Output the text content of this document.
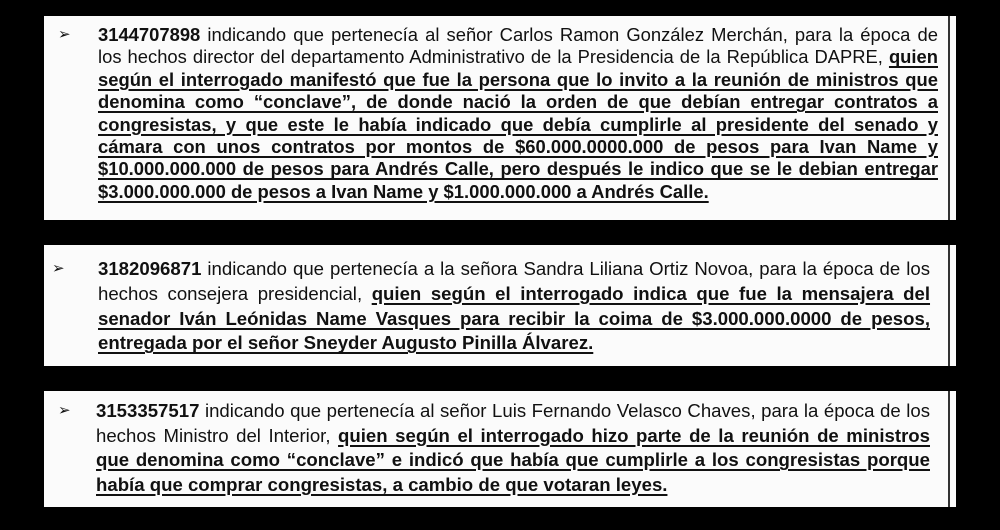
➢	3144707898 indicando que pertenecía al señor Carlos Ramon González Merchán, para la época de los hechos director del departamento Administrativo de la Presidencia de la República DAPRE, quien según el interrogado manifestó que fue la persona que lo invito a la reunión de ministros que denomina como “conclave”, de donde nació la orden de que debían entregar contratos a congresistas, y que este le había indicado que debía cumplirle al presidente del senado y cámara con unos contratos por montos de $60.000.0000.000 de pesos para Ivan Name y $10.000.000.000 de pesos para Andrés Calle, pero después le indico que se le debian entregar $3.000.000.000 de pesos a Ivan Name y $1.000.000.000 a Andrés Calle.
➢	3182096871 indicando que pertenecía a la señora Sandra Liliana Ortiz Novoa, para la época de los hechos consejera presidencial, quien según el interrogado indica que fue la mensajera del senador Iván Leónidas Name Vasques para recibir la coima de $3.000.000.0000 de pesos, entregada por el señor Sneyder Augusto Pinilla Álvarez.
➢	3153357517 indicando que pertenecía al señor Luis Fernando Velasco Chaves, para la época de los hechos Ministro del Interior, quien según el interrogado hizo parte de la reunión de ministros que denomina como “conclave” e indicó que había que cumplirle a los congresistas porque había que comprar congresistas, a cambio de que votaran leyes.
